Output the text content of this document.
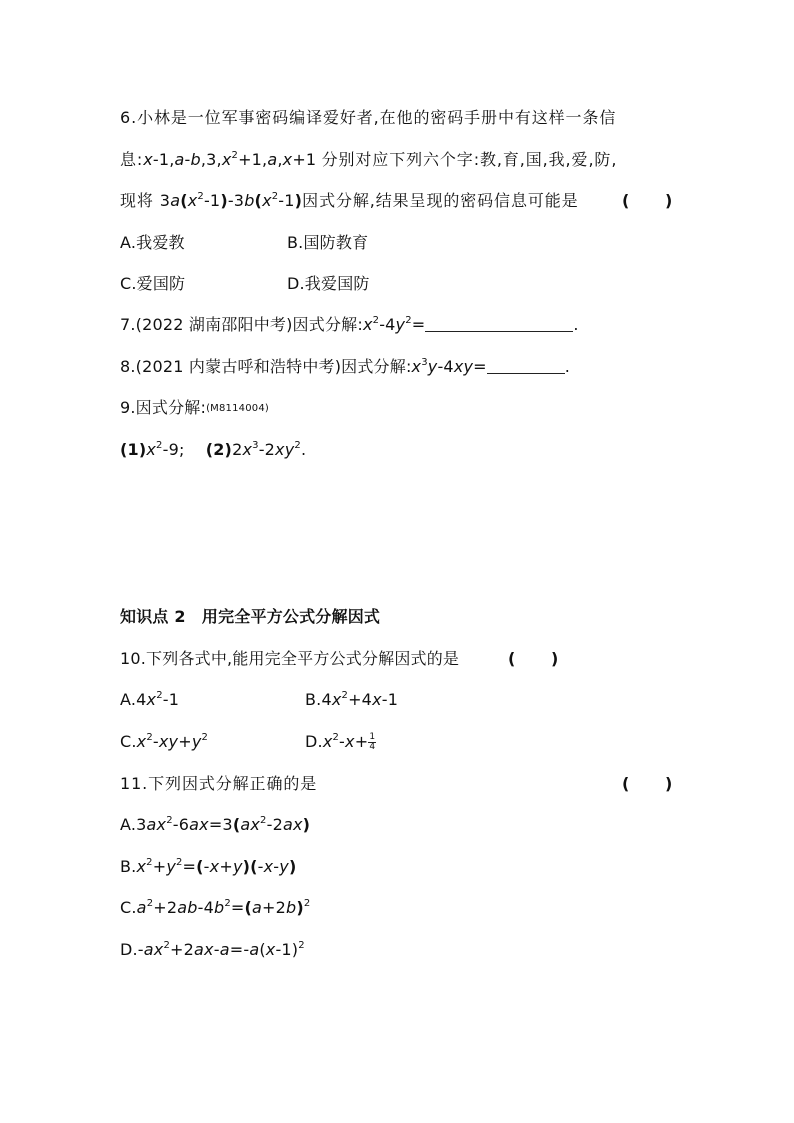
6.小林是一位军事密码编译爱好者,在他的密码手册中有这样一条信
息$:x-1,a-b,3,x^2+1,a,x+1$ 分别对应下列六个字:教,育,国,我,爱,防,
现将 $3a(x^2-1)-3b(x^2-1)$因式分解,结果呈现的密码信息可能是	( )
A.我爱教	B.国防教育
C.爱国防	D.我爱国防
7.(2022 湖南邵阳中考)因式分解$:x^2-4y^2=$	.
8.(2021 内蒙古呼和浩特中考)因式分解$:x^3y-4xy=$	.
9.因式分解:(M8114004)
$(1)x^2-9$; $(2)2x^3-2xy^2$.
知识点 2　用完全平方公式分解因式
10.下列各式中,能用完全平方公式分解因式的是	( )
$A.4x^2-1$	$B.4x^2+4x-1$
$C.x^2-xy+y^2$	$D.x^2-x+ \frac{1}{4}$
11.下列因式分解正确的是	( )
$A.3ax^2-6ax=3(ax^2-2ax)$
$B.x^2+y^2=(-x+y)(-x-y)$
$C.a^2+2ab-4b^2=(a+2b)^2$
$D.-ax^2+2ax-a=-a(x-1)^2$
